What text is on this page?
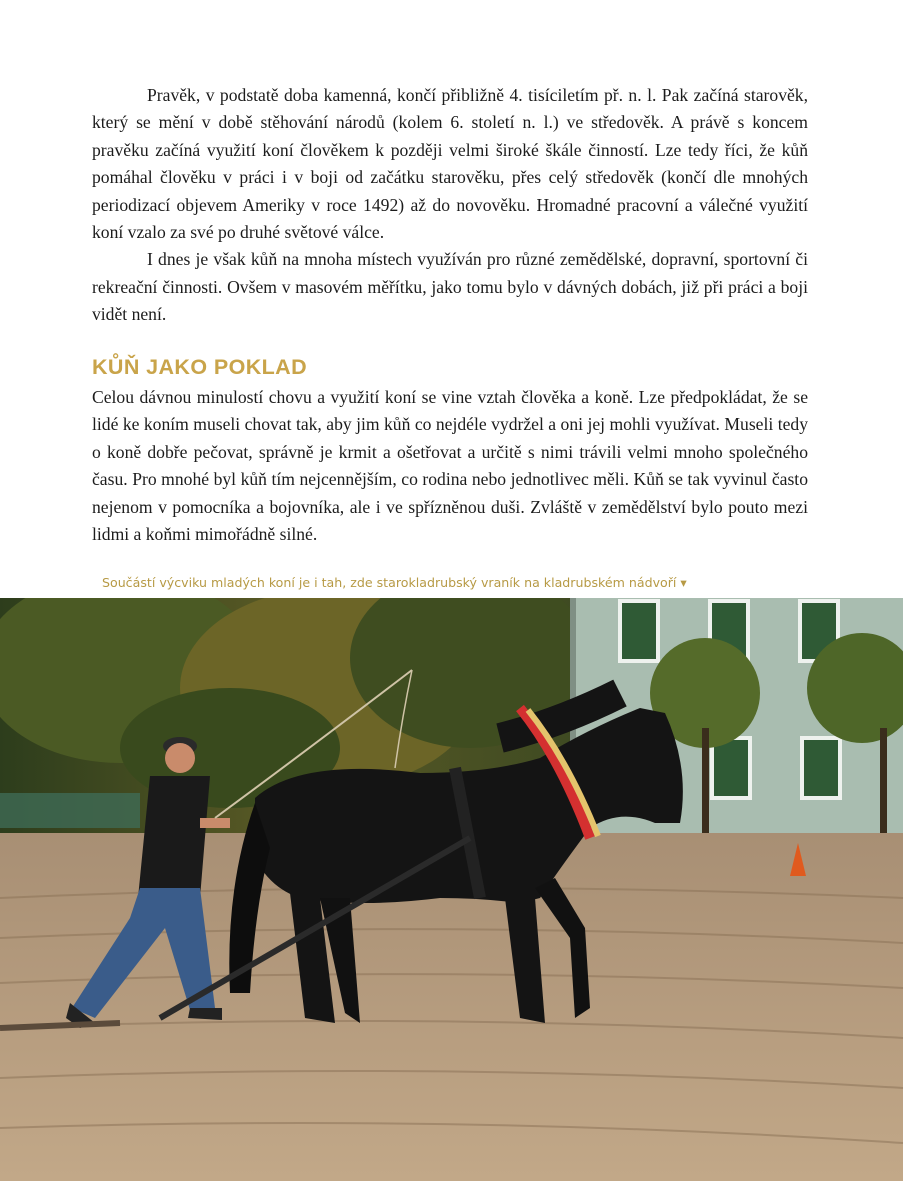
Pravěk, v podstatě doba kamenná, končí přibližně 4. tisíciletím př. n. l. Pak začíná starověk, který se mění v době stěhování národů (kolem 6. století n. l.) ve středověk. A právě s koncem pravěku začíná využití koní člověkem k později velmi široké škále činností. Lze tedy říci, že kůň pomáhal člověku v práci i v boji od začátku starověku, přes celý středověk (končí dle mnohých periodizací objevem Ameriky v roce 1492) až do novověku. Hromadné pracovní a válečné využití koní vzalo za své po druhé světové válce.

I dnes je však kůň na mnoha místech využíván pro různé zemědělské, dopravní, sportovní či rekreační činnosti. Ovšem v masovém měřítku, jako tomu bylo v dávných dobách, již při práci a boji vidět není.

KŮŇ JAKO POKLAD

Celou dávnou minulostí chovu a využití koní se vine vztah člověka a koně. Lze předpokládat, že se lidé ke koním museli chovat tak, aby jim kůň co nejdéle vydržel a oni jej mohli využívat. Museli tedy o koně dobře pečovat, správně je krmit a ošetřovat a určitě s nimi trávili velmi mnoho společného času. Pro mnohé byl kůň tím nejcennějším, co rodina nebo jednotlivec měli. Kůň se tak vyvinul často nejenom v pomocníka a bojovníka, ale i ve spřízněnou duši. Zvláště v zemědělství bylo pouto mezi lidmi a koňmi mimořádně silné.

Součástí výcviku mladých koní je i tah, zde starokladrubský vraník na kladrubském nádvoří ▾
